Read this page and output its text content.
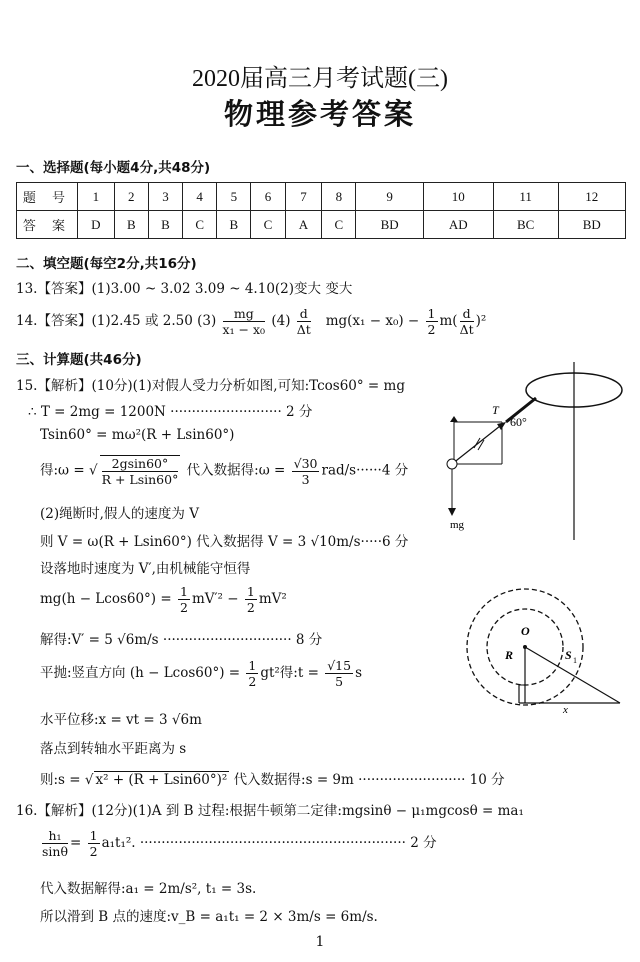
2020届高三月考试题(三)
物理参考答案
一、选择题(每小题4分,共48分)
题 号	1	2	3	4	5	6	7	8	9	10	11	12
答 案	D	B	B	C	B	C	A	C	BD	AD	BC	BD
二、填空题(每空2分,共16分)
13.【答案】(1)3.00 ~ 3.02 3.09 ~ 4.10(2)变大 变大
14.【答案】(1)2.45 或 2.50 $(3) \frac{mg}{\text{x₁ − x₀}} (4) \frac{d}{\Delta t} mg(x_1 - x_0) - \frac{1}{2} m( \frac{d}{\Delta t} )^2$
三、计算题(共46分)
15.【解析】(10分)(1)对假人受力分析如图,可知:Tcos60° = mg
∴ T = 2mg = 1200N ·························· 2 分
Tsin60° = mω²(R + Lsin60°)
得:ω = √ $\frac{2gsin60^\circ}{R + Lsin60^\circ}$ 代入数据得:ω = $\frac{√30}{3} rad/s\cdot\cdot\cdot\cdot\cdot\cdot 4$ 分
(2)绳断时,假人的速度为 V
则 V = ω(R + Lsin60°) 代入数据得 V = 3 √10m/s·····6 分
设落地时速度为 V′,由机械能守恒得
$mg(h - Lcos60^\circ) = \frac{1}{2} mV'^2 - \frac{1}{2} mV^2$
解得:V′ = 5 √6m/s ······························ 8 分
平抛:竖直方向 $(h - Lcos60^\circ) = \frac{1}{2} gt^2$得:t = $\frac{√15}{5}$ s
水平位移:x = vt = 3 √6m
落点到转轴水平距离为 s
则:s = √ x² + (R + Lsin60°)² 代入数据得:s = 9m ························· 10 分
16.【解析】(12分)(1)A 到 B 过程:根据牛顿第二定律:mgsinθ − μ₁mgcosθ = ma₁
$\frac{\text{h₁}}{\sin\theta} = \frac{1}{2} a_1t_1^2$. ······························································ 2 分
代入数据解得:a₁ = 2m/s², t₁ = 3s.
所以滑到 B 点的速度:v_B = a₁t₁ = 2 × 3m/s = 6m/s.
T
60°
mg
O
R	S 1
x
1
